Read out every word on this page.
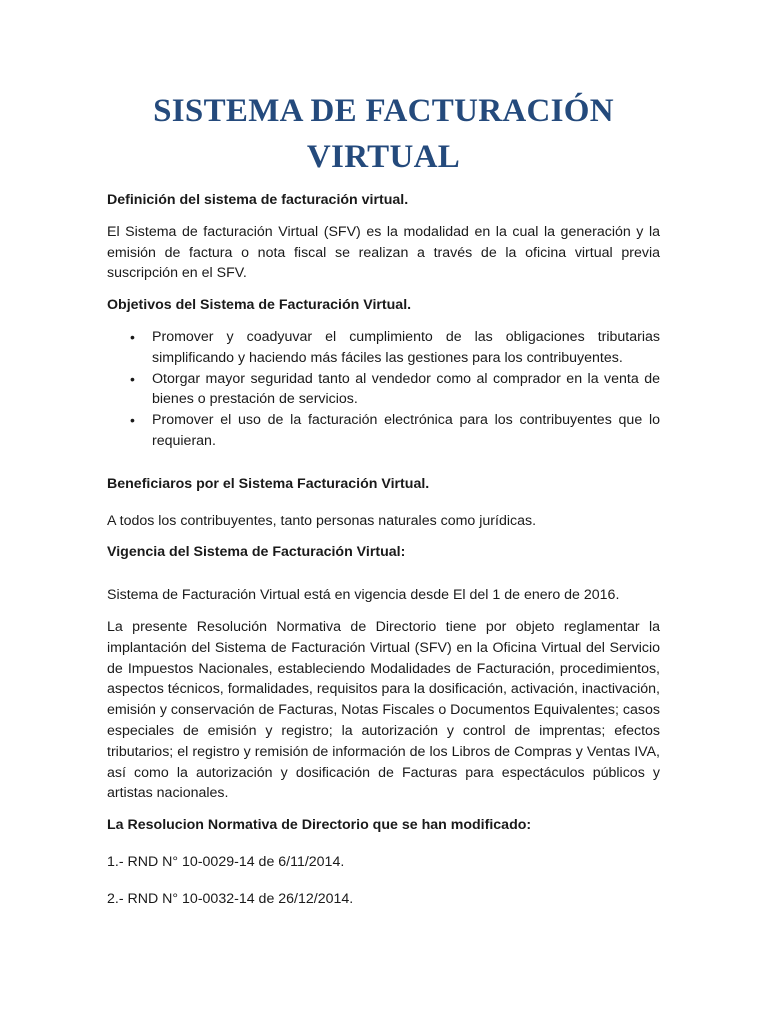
SISTEMA DE FACTURACIÓN
VIRTUAL

Definición del sistema de facturación virtual.

El Sistema de facturación Virtual (SFV) es la modalidad en la cual la generación y la emisión de factura o nota fiscal se realizan a través de la oficina virtual previa suscripción en el SFV.

Objetivos del Sistema de Facturación Virtual.

• Promover y coadyuvar el cumplimiento de las obligaciones tributarias simplificando y haciendo más fáciles las gestiones para los contribuyentes.
• Otorgar mayor seguridad tanto al vendedor como al comprador en la venta de bienes o prestación de servicios.
• Promover el uso de la facturación electrónica para los contribuyentes que lo requieran.

Beneficiaros por el Sistema Facturación Virtual.

A todos los contribuyentes, tanto personas naturales como jurídicas.

Vigencia del Sistema de Facturación Virtual:

Sistema de Facturación Virtual está en vigencia desde El del 1 de enero de 2016.

La presente Resolución Normativa de Directorio tiene por objeto reglamentar la implantación del Sistema de Facturación Virtual (SFV) en la Oficina Virtual del Servicio de Impuestos Nacionales, estableciendo Modalidades de Facturación, procedimientos, aspectos técnicos, formalidades, requisitos para la dosificación, activación, inactivación, emisión y conservación de Facturas, Notas Fiscales o Documentos Equivalentes; casos especiales de emisión y registro; la autorización y control de imprentas; efectos tributarios; el registro y remisión de información de los Libros de Compras y Ventas IVA, así como la autorización y dosificación de Facturas para espectáculos públicos y artistas nacionales.

La Resolucion Normativa de Directorio que se han modificado:

1.- RND N° 10-0029-14 de 6/11/2014.

2.- RND N° 10-0032-14 de 26/12/2014.
